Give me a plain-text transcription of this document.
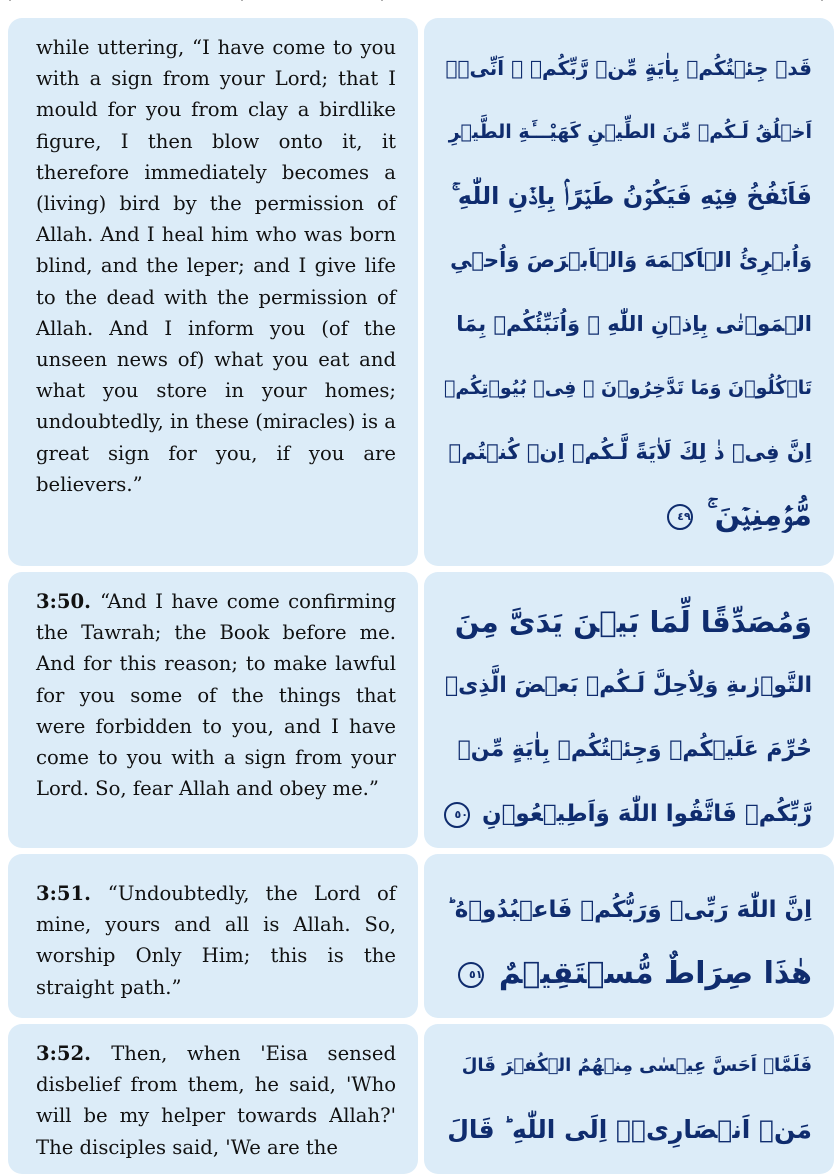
while uttering, “I have come to you with a sign from your Lord; that I mould for you from clay a birdlike figure, I then blow onto it, it therefore immediately becomes a (living) bird by the permission of Allah. And I heal him who was born blind, and the leper; and I give life to the dead with the permission of Allah. And I inform you (of the unseen news of) what you eat and what you store in your homes; undoubtedly, in these (miracles) is a great sign for you, if you are believers.”
قَدۡ جِئۡتُكُمۡ بِاٰيَةٍ مِّنۡ رَّبِّكُمۡ ۙ اَنِّىۡۤ
اَخۡلُقُ لَـكُمۡ مِّنَ الطِّيۡنِ كَهَیْـــَٔةِ الطَّيۡرِ
فَاَنۡفُخُ فِيۡهِ فَيَكُوۡنُ طَيۡرًاۢ بِاِذۡنِ اللّٰهِ ۚ
وَاُبۡرِئُ الۡاَكۡمَهَ وَالۡاَبۡرَصَ وَاُحۡىِ
الۡمَوۡتٰى بِاِذۡنِ اللّٰهِ ۚ وَاُنَبِّئُكُمۡ بِمَا
تَاۡكُلُوۡنَ وَمَا تَدَّخِرُوۡنَ ۙ فِىۡ بُيُوۡتِكُمۡ
اِنَّ فِىۡ ذٰ لِكَ لَاٰيَةً لَّـكُمۡ اِنۡ كُنۡتُمۡ
مُّؤۡمِنِيۡنَ ۚ ٤٩
3:50. “And I have come confirming the Tawrah; the Book before me. And for this reason; to make lawful for you some of the things that were forbidden to you, and I have come to you with a sign from your Lord. So, fear Allah and obey me.”
وَمُصَدِّقًا لِّمَا بَيۡنَ يَدَىَّ مِنَ
التَّوۡرٰٮةِ وَلِاُحِلَّ لَـكُمۡ بَعۡضَ الَّذِىۡ
حُرِّمَ عَلَيۡكُمۡ وَجِئۡتُكُمۡ بِاٰيَةٍ مِّنۡ
رَّبِّكُمۡ فَاتَّقُوا اللّٰهَ وَاَطِيۡعُوۡنِ ٥٠
3:51. “Undoubtedly, the Lord of mine, yours and all is Allah. So, worship Only Him; this is the straight path.”
اِنَّ اللّٰهَ رَبِّىۡ وَرَبُّكُمۡ فَاعۡبُدُوۡهُ ؕ
هٰذَا صِرَاطٌ مُّسۡتَقِيۡمٌ ٥١
3:52. Then, when 'Eisa sensed disbelief from them, he said, 'Who will be my helper towards Allah?' The disciples said, 'We are the
فَلَمَّاۤ اَحَسَّ عِيۡسٰى مِنۡهُمُ الۡكُفۡرَ قَالَ
مَنۡ اَنۡصَارِىۡۤ اِلَى اللّٰهِ ؕ قَالَ
